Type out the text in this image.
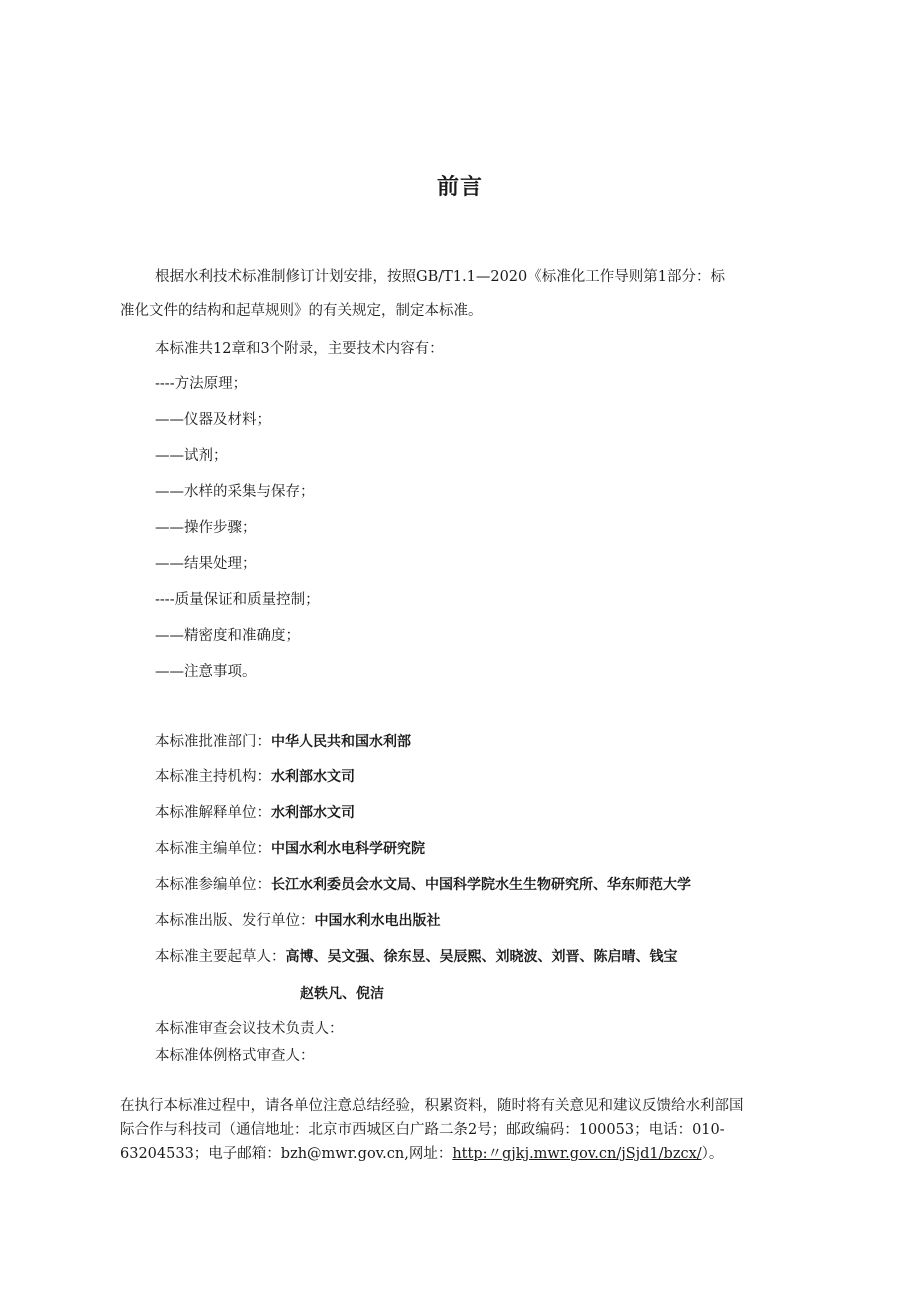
前言
根据水利技术标准制修订计划安排，按照GB/T1.1—2020《标准化工作导则第1部分：标
准化文件的结构和起草规则》的有关规定，制定本标准。
本标准共12章和3个附录，主要技术内容有：
----方法原理；
——仪器及材料；
——试剂；
——水样的采集与保存；
——操作步骤；
——结果处理；
----质量保证和质量控制；
——精密度和准确度；
——注意事项。
本标准批准部门：中华人民共和国水利部
本标准主持机构：水利部水文司
本标准解释单位：水利部水文司
本标准主编单位：中国水利水电科学研究院
本标准参编单位：长江水利委员会水文局、中国科学院水生生物研究所、华东师范大学
本标准出版、发行单位：中国水利水电出版社
本标准主要起草人：高博、吴文强、徐东昱、吴辰熙、刘晓波、刘晋、陈启晴、钱宝
赵轶凡、倪洁
本标准审查会议技术负责人：
本标准体例格式审查人：
在执行本标准过程中，请各单位注意总结经验，积累资料，随时将有关意见和建议反馈给水利部国
际合作与科技司（通信地址：北京市西城区白广路二条2号；邮政编码：100053；电话：010-
63204533；电子邮箱：bzh@mwr.gov.cn,网址：http:〃gjkj.mwr.gov.cn/jSjd1/bzcx/）。
